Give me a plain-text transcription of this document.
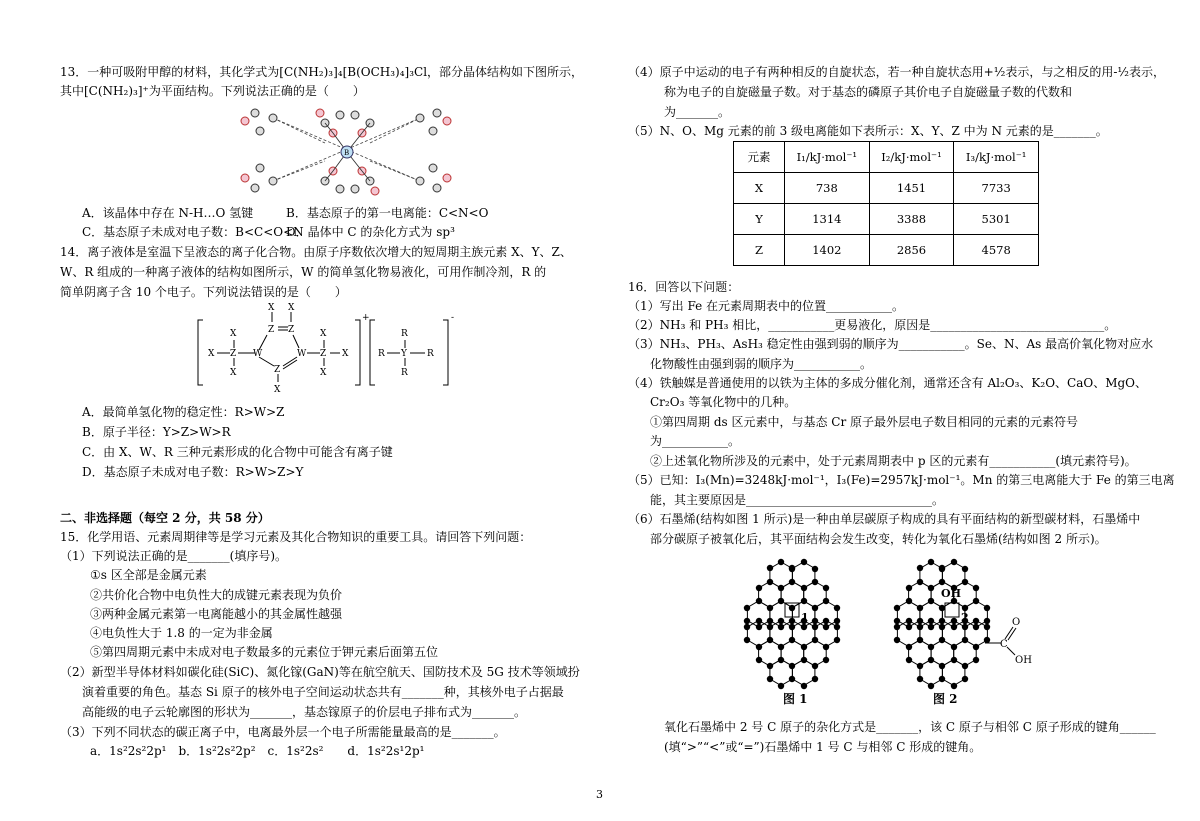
13．一种可吸附甲醇的材料，其化学式为[C(NH₂)₃]₄[B(OCH₃)₄]₃Cl，部分晶体结构如下图所示，
其中[C(NH₂)₃]⁺为平面结构。下列说法正确的是（　　）
B
A．该晶体中存在 N-H…O 氢键	B．基态原子的第一电离能：C<N<O
C．基态原子未成对电子数：B<C<O<N
D．晶体中 C 的杂化方式为 sp³
14．离子液体是室温下呈液态的离子化合物。由原子序数依次增大的短周期主族元素 X、Y、Z、
W、R 组成的一种离子液体的结构如图所示，W 的简单氢化物易液化，可用作制冷剂，R 的
简单阴离子含 10 个电子。下列说法错误的是（　　）
X
X
X
Z W
Z Z
X X
W
Z
X
Z
X
X
X
+
R Y
R
R
R
-
A．最简单氢化物的稳定性：R>W>Z
B．原子半径：Y>Z>W>R
C．由 X、W、R 三种元素形成的化合物中可能含有离子键
D．基态原子未成对电子数：R>W>Z>Y
二、非选择题（每空 2 分，共 58 分）
15．化学用语、元素周期律等是学习元素及其化合物知识的重要工具。请回答下列问题：
（1）下列说法正确的是_______(填序号)。
①s 区全部是金属元素
②共价化合物中电负性大的成键元素表现为负价
③两种金属元素第一电离能越小的其金属性越强
④电负性大于 1.8 的一定为非金属
⑤第四周期元素中未成对电子数最多的元素位于钾元素后面第五位
（2）新型半导体材料如碳化硅(SiC)、氮化镓(GaN)等在航空航天、国防技术及 5G 技术等领域扮
演着重要的角色。基态 Si 原子的核外电子空间运动状态共有_______种，其核外电子占据最
高能级的电子云轮廓图的形状为_______，基态镓原子的价层电子排布式为_______。
（3）下列不同状态的碳正离子中，电离最外层一个电子所需能量最高的是_______。
a．1s²2s²2p¹　b．1s²2s²2p²　c．1s²2s²　　d．1s²2s¹2p¹
（4）原子中运动的电子有两种相反的自旋状态，若一种自旋状态用+½表示，与之相反的用-½表示，
称为电子的自旋磁量子数。对于基态的磷原子其价电子自旋磁量子数的代数和
为_______。
（5）N、O、Mg 元素的前 3 级电离能如下表所示：X、Y、Z 中为 N 元素的是_______。
元素	I₁/kJ·mol⁻¹	I₂/kJ·mol⁻¹	I₃/kJ·mol⁻¹
X	738	1451	7733
Y	1314	3388	5301
Z	1402	2856	4578
16．回答以下问题：
（1）写出 Fe 在元素周期表中的位置___________。
（2）NH₃ 和 PH₃ 相比，___________更易液化，原因是_____________________________。
（3）NH₃、PH₃、AsH₃ 稳定性由强到弱的顺序为___________。Se、N、As 最高价氧化物对应水
化物酸性由强到弱的顺序为___________。
（4）铁触媒是普通使用的以铁为主体的多成分催化剂，通常还含有 Al₂O₃、K₂O、CaO、MgO、
Cr₂O₃ 等氧化物中的几种。
①第四周期 ds 区元素中，与基态 Cr 原子最外层电子数目相同的元素的元素符号
为___________。
②上述氧化物所涉及的元素中，处于元素周期表中 p 区的元素有___________(填元素符号)。
（5）已知：I₃(Mn)=3248kJ·mol⁻¹，I₃(Fe)=2957kJ·mol⁻¹。Mn 的第三电离能大于 Fe 的第三电离
能，其主要原因是_______________________________。
（6）石墨烯(结构如图 1 所示)是一种由单层碳原子构成的具有平面结构的新型碳材料，石墨烯中
部分碳原子被氧化后，其平面结构会发生改变，转化为氧化石墨烯(结构如图 2 所示)。
1	2
OH
C
O
OH
图 1	图 2
氧化石墨烯中 2 号 C 原子的杂化方式是_______，该 C 原子与相邻 C 原子形成的键角______
(填“>”“<”或“=”)石墨烯中 1 号 C 与相邻 C 形成的键角。
3
